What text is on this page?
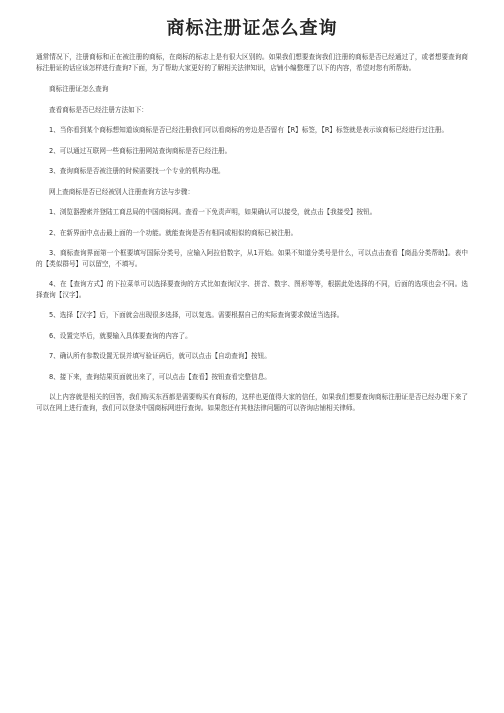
商标注册证怎么查询

通常情况下，注册商标和正在被注册的商标，在商标的标志上是有很大区别的。如果我们想要查询我们注册的商标是否已经通过了，或者想要查询商标注册证的话应该怎样进行查询?下面，为了帮助大家更好的了解相关法律知识，店铺小编整理了以下的内容，希望对您有所帮助。

商标注册证怎么查询

查看商标是否已经注册方法如下：

1、当你看到某个商标想知道该商标是否已经注册我们可以看商标的旁边是否留有【R】标签，【R】标签就是表示该商标已经进行过注册。

2、可以通过互联网一些商标注册网站查询商标是否已经注册。

3、查询商标是否被注册的时候需要找一个专业的机构办理。

网上查商标是否已经被别人注册查询方法与步骤：

1、浏览器搜索并登陆工商总局的中国商标网。查看一下免责声明，如果确认可以接受，就点击【我接受】按钮。

2、在新界面中点击最上面的一个功能。就能查询是否有相同或相似的商标已被注册。

3、商标查询界面第一个框要填写国际分类号，应输入阿拉伯数字，从1开始。如果不知道分类号是什么，可以点击查看【商品分类帮助】。表中的【类似群号】可以留空，不填写。

4、在【查询方式】的下拉菜单可以选择要查询的方式比如查询汉字、拼音、数字、图形等等，根据此处选择的不同，后面的选项也会不同。选择查询【汉字】。

5、选择【汉字】后，下面就会出现很多选择，可以复选。需要根据自己的实际查询要求做适当选择。

6、设置完毕后，就要输入具体要查询的内容了。

7、确认所有参数设置无误并填写验证码后，就可以点击【自动查询】按钮。

8、接下来，查询结果页面就出来了，可以点击【查看】按钮查看完整信息。

以上内容就是相关的回答，我们购买东西都是需要购买有商标的，这样也更值得大家的信任，如果我们想要查询商标注册证是否已经办理下来了可以在网上进行查询，我们可以登录中国商标网进行查询。如果您还有其他法律问题的可以咨询店铺相关律师。
